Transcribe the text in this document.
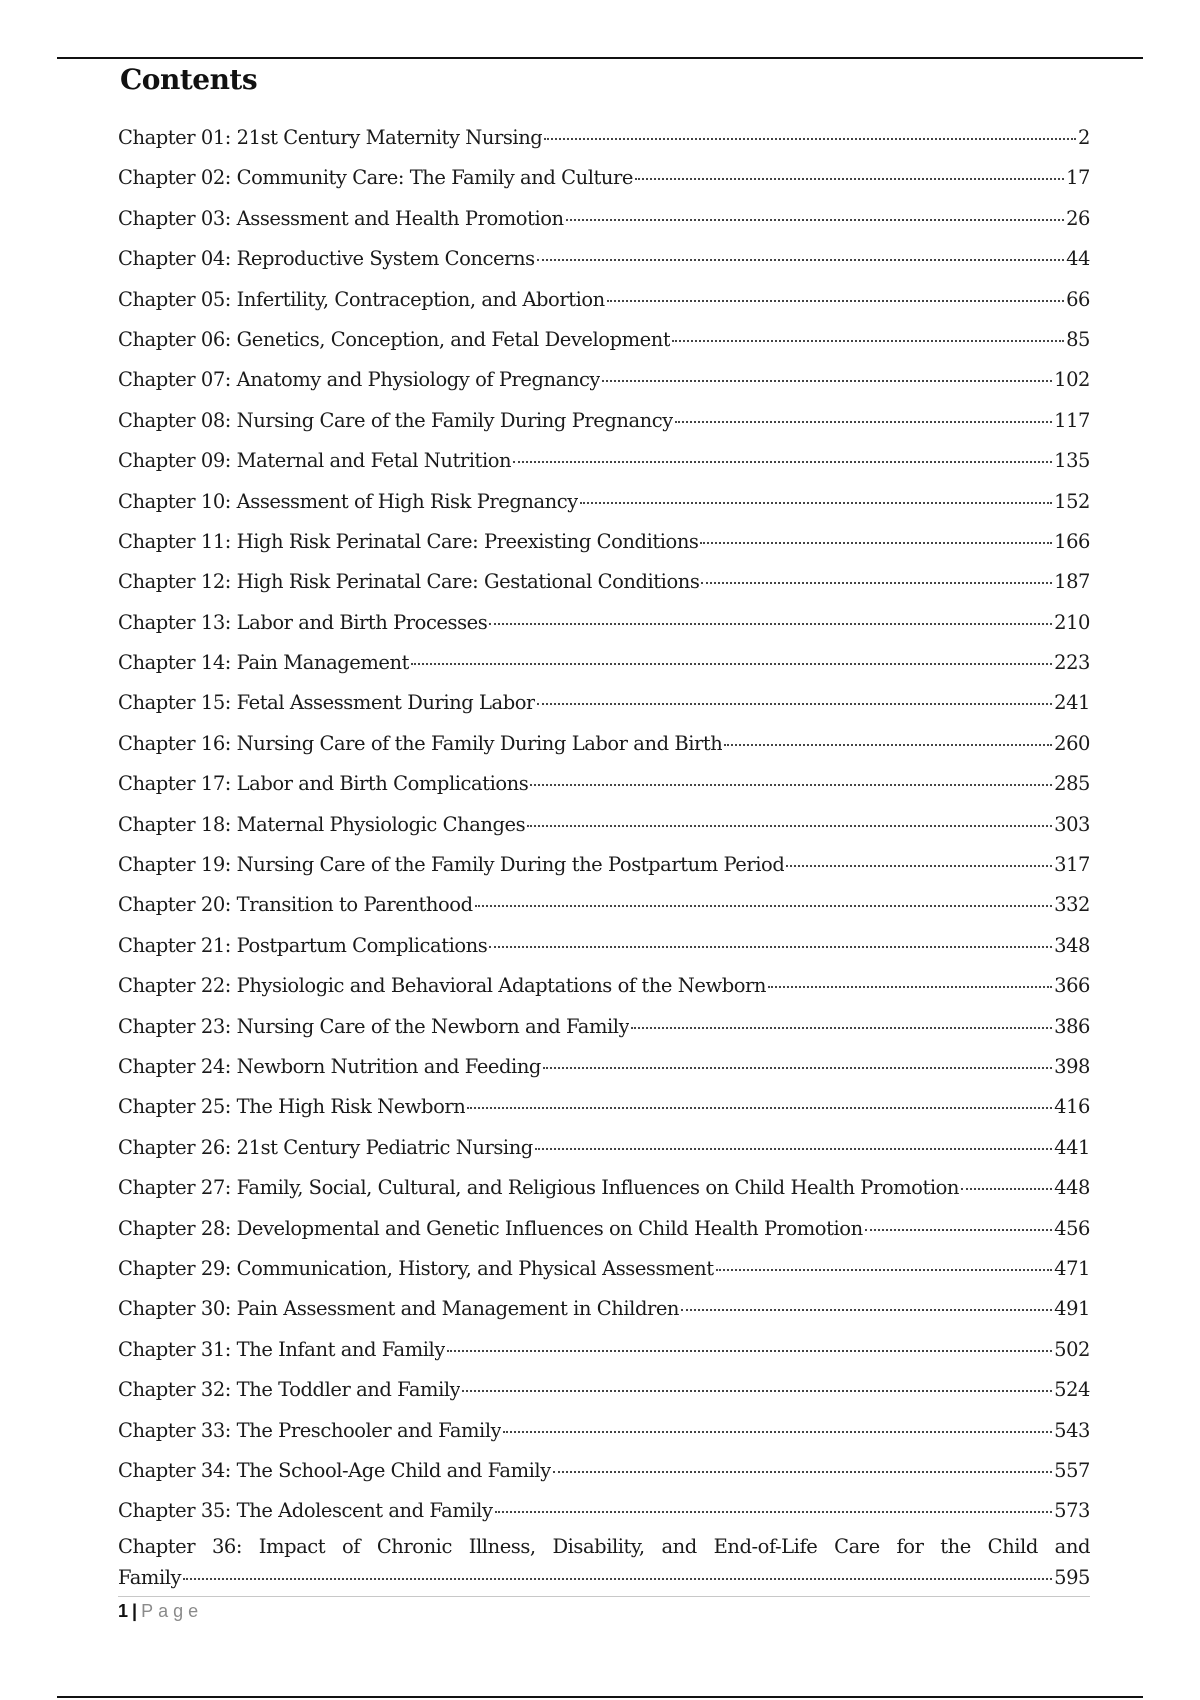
Contents
Chapter 01: 21st Century Maternity Nursing	2
Chapter 02: Community Care: The Family and Culture	17
Chapter 03: Assessment and Health Promotion	26
Chapter 04: Reproductive System Concerns	44
Chapter 05: Infertility, Contraception, and Abortion	66
Chapter 06: Genetics, Conception, and Fetal Development	85
Chapter 07: Anatomy and Physiology of Pregnancy	102
Chapter 08: Nursing Care of the Family During Pregnancy	117
Chapter 09: Maternal and Fetal Nutrition	135
Chapter 10: Assessment of High Risk Pregnancy	152
Chapter 11: High Risk Perinatal Care: Preexisting Conditions	166
Chapter 12: High Risk Perinatal Care: Gestational Conditions	187
Chapter 13: Labor and Birth Processes	210
Chapter 14: Pain Management	223
Chapter 15: Fetal Assessment During Labor	241
Chapter 16: Nursing Care of the Family During Labor and Birth	260
Chapter 17: Labor and Birth Complications	285
Chapter 18: Maternal Physiologic Changes	303
Chapter 19: Nursing Care of the Family During the Postpartum Period	317
Chapter 20: Transition to Parenthood	332
Chapter 21: Postpartum Complications	348
Chapter 22: Physiologic and Behavioral Adaptations of the Newborn	366
Chapter 23: Nursing Care of the Newborn and Family	386
Chapter 24: Newborn Nutrition and Feeding	398
Chapter 25: The High Risk Newborn	416
Chapter 26: 21st Century Pediatric Nursing	441
Chapter 27: Family, Social, Cultural, and Religious Influences on Child Health Promotion	448
Chapter 28: Developmental and Genetic Influences on Child Health Promotion	456
Chapter 29: Communication, History, and Physical Assessment	471
Chapter 30: Pain Assessment and Management in Children	491
Chapter 31: The Infant and Family	502
Chapter 32: The Toddler and Family	524
Chapter 33: The Preschooler and Family	543
Chapter 34: The School-Age Child and Family	557
Chapter 35: The Adolescent and Family	573
Chapter 36: Impact of Chronic Illness, Disability, and End-of-Life Care for the Child and
Family	595
1 | Page
